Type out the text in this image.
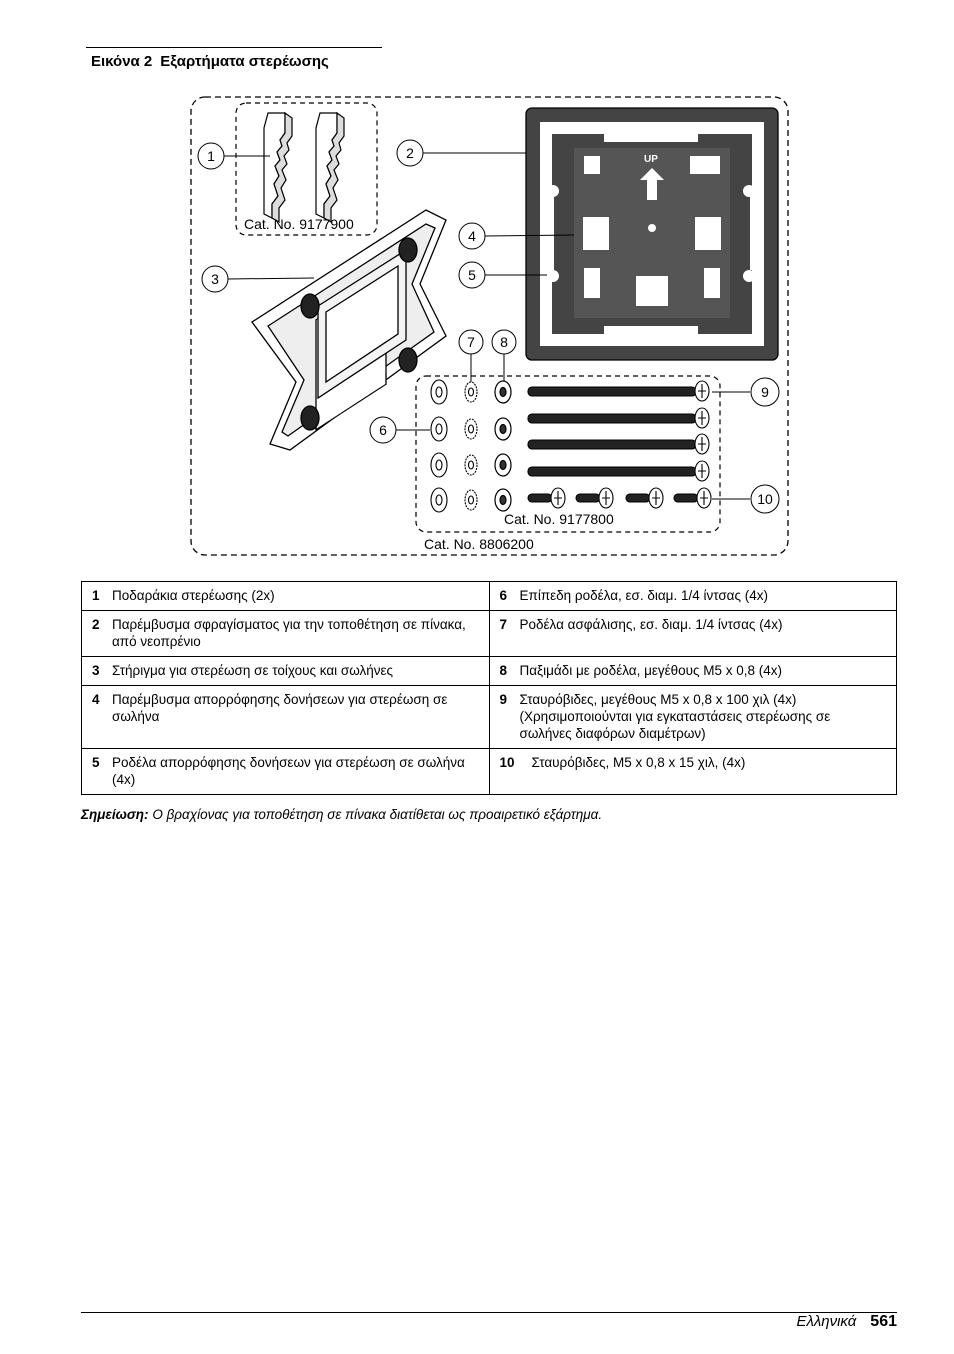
Εικόνα 2 Εξαρτήματα στερέωσης
UP
1	2
3
4
5
6
7 8
9
10
Cat. No. 9177900
Cat. No. 9177800
Cat. No. 8806200
1 Ποδαράκια στερέωσης (2x)	6 Επίπεδη ροδέλα, εσ. διαμ. 1/4 ίντσας (4x)
2 Παρέμβυσμα σφραγίσματος για την τοποθέτηση σε πίνακα, από νεοπρένιο	7 Ροδέλα ασφάλισης, εσ. διαμ. 1/4 ίντσας (4x)
3 Στήριγμα για στερέωση σε τοίχους και σωλήνες	8 Παξιμάδι με ροδέλα, μεγέθους M5 x 0,8 (4x)
4 Παρέμβυσμα απορρόφησης δονήσεων για στερέωση σε σωλήνα	9 Σταυρόβιδες, μεγέθους M5 x 0,8 x 100 χιλ (4x) (Χρησιμοποιούνται για εγκαταστάσεις στερέωσης σε σωλήνες διαφόρων διαμέτρων)
5 Ροδέλα απορρόφησης δονήσεων για στερέωση σε σωλήνα (4x)	10 Σταυρόβιδες, M5 x 0,8 x 15 χιλ, (4x)
Σημείωση: Ο βραχίονας για τοποθέτηση σε πίνακα διατίθεται ως προαιρετικό εξάρτημα.
Ελληνικά 561
